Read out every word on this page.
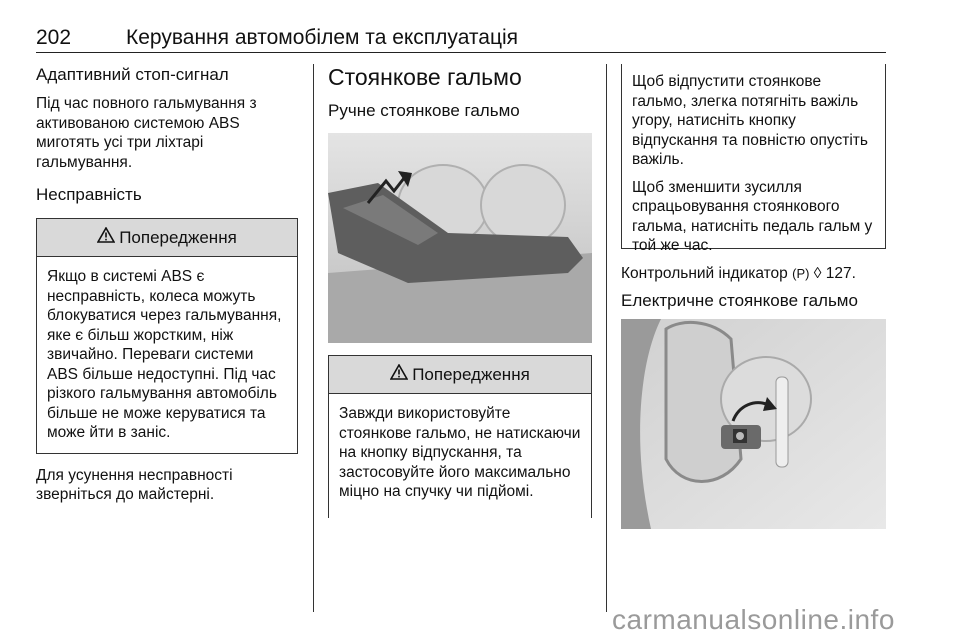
202	Керування автомобілем та експлуатація
Адаптивний стоп-сигнал

Під час повного гальмування з активованою системою ABS миготять усі три ліхтарі гальмування.

Несправність
Попередження

Якщо в системі ABS є несправність, колеса можуть блокуватися через гальмування, яке є більш жорстким, ніж звичайно. Переваги системи ABS більше недоступні. Під час різкого гальмування автомобіль більше не може керуватися та може йти в заніс.

Для усунення несправності зверніться до майстерні.

Стоянкове гальмо
Ручне стоянкове гальмо
Попередження

Завжди використовуйте стоянкове гальмо, не натискаючи на кнопку відпускання, та застосовуйте його максимально міцно на спучку чи підйомі.

Щоб відпустити стоянкове гальмо, злегка потягніть важіль угору, натисніть кнопку відпускання та повністю опустіть важіль.

Щоб зменшити зусилля спрацьовування стоянкового гальма, натисніть педаль гальм у той же час.

Контрольний індикатор (P) ◊ 127.

Електричне стоянкове гальмо
carmanualsonline.info
